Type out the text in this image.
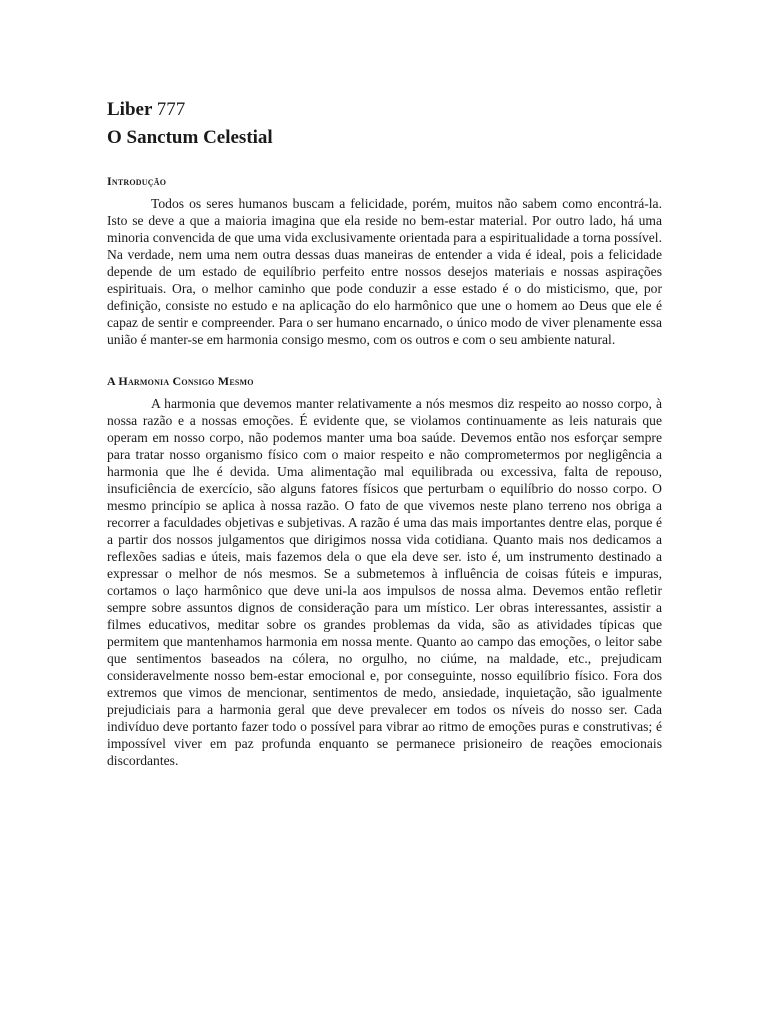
Liber 777
O Sanctum Celestial
Introdução

Todos os seres humanos buscam a felicidade, porém, muitos não sabem como encontrá-la. Isto se deve a que a maioria imagina que ela reside no bem-estar material. Por outro lado, há uma minoria convencida de que uma vida exclusivamente orientada para a espiritualidade a torna possível. Na verdade, nem uma nem outra dessas duas maneiras de entender a vida é ideal, pois a felicidade depende de um estado de equilíbrio perfeito entre nossos desejos materiais e nossas aspirações espirituais. Ora, o melhor caminho que pode conduzir a esse estado é o do misticismo, que, por definição, consiste no estudo e na aplicação do elo harmônico que une o homem ao Deus que ele é capaz de sentir e compreender. Para o ser humano encarnado, o único modo de viver plenamente essa união é manter-se em harmonia consigo mesmo, com os outros e com o seu ambiente natural.

A Harmonia Consigo Mesmo

A harmonia que devemos manter relativamente a nós mesmos diz respeito ao nosso corpo, à nossa razão e a nossas emoções. É evidente que, se violamos continuamente as leis naturais que operam em nosso corpo, não podemos manter uma boa saúde. Devemos então nos esforçar sempre para tratar nosso organismo físico com o maior respeito e não comprometermos por negligência a harmonia que lhe é devida. Uma alimentação mal equilibrada ou excessiva, falta de repouso, insuficiência de exercício, são alguns fatores físicos que perturbam o equilíbrio do nosso corpo. O mesmo princípio se aplica à nossa razão. O fato de que vivemos neste plano terreno nos obriga a recorrer a faculdades objetivas e subjetivas. A razão é uma das mais importantes dentre elas, porque é a partir dos nossos julgamentos que dirigimos nossa vida cotidiana. Quanto mais nos dedicamos a reflexões sadias e úteis, mais fazemos dela o que ela deve ser. isto é, um instrumento destinado a expressar o melhor de nós mesmos. Se a submetemos à influência de coisas fúteis e impuras, cortamos o laço harmônico que deve uni-la aos impulsos de nossa alma. Devemos então refletir sempre sobre assuntos dignos de consideração para um místico. Ler obras interessantes, assistir a filmes educativos, meditar sobre os grandes problemas da vida, são as atividades típicas que permitem que mantenhamos harmonia em nossa mente. Quanto ao campo das emoções, o leitor sabe que sentimentos baseados na cólera, no orgulho, no ciúme, na maldade, etc., prejudicam consideravelmente nosso bem-estar emocional e, por conseguinte, nosso equilíbrio físico. Fora dos extremos que vimos de mencionar, sentimentos de medo, ansiedade, inquietação, são igualmente prejudiciais para a harmonia geral que deve prevalecer em todos os níveis do nosso ser. Cada indivíduo deve portanto fazer todo o possível para vibrar ao ritmo de emoções puras e construtivas; é impossível viver em paz profunda enquanto se permanece prisioneiro de reações emocionais discordantes.
